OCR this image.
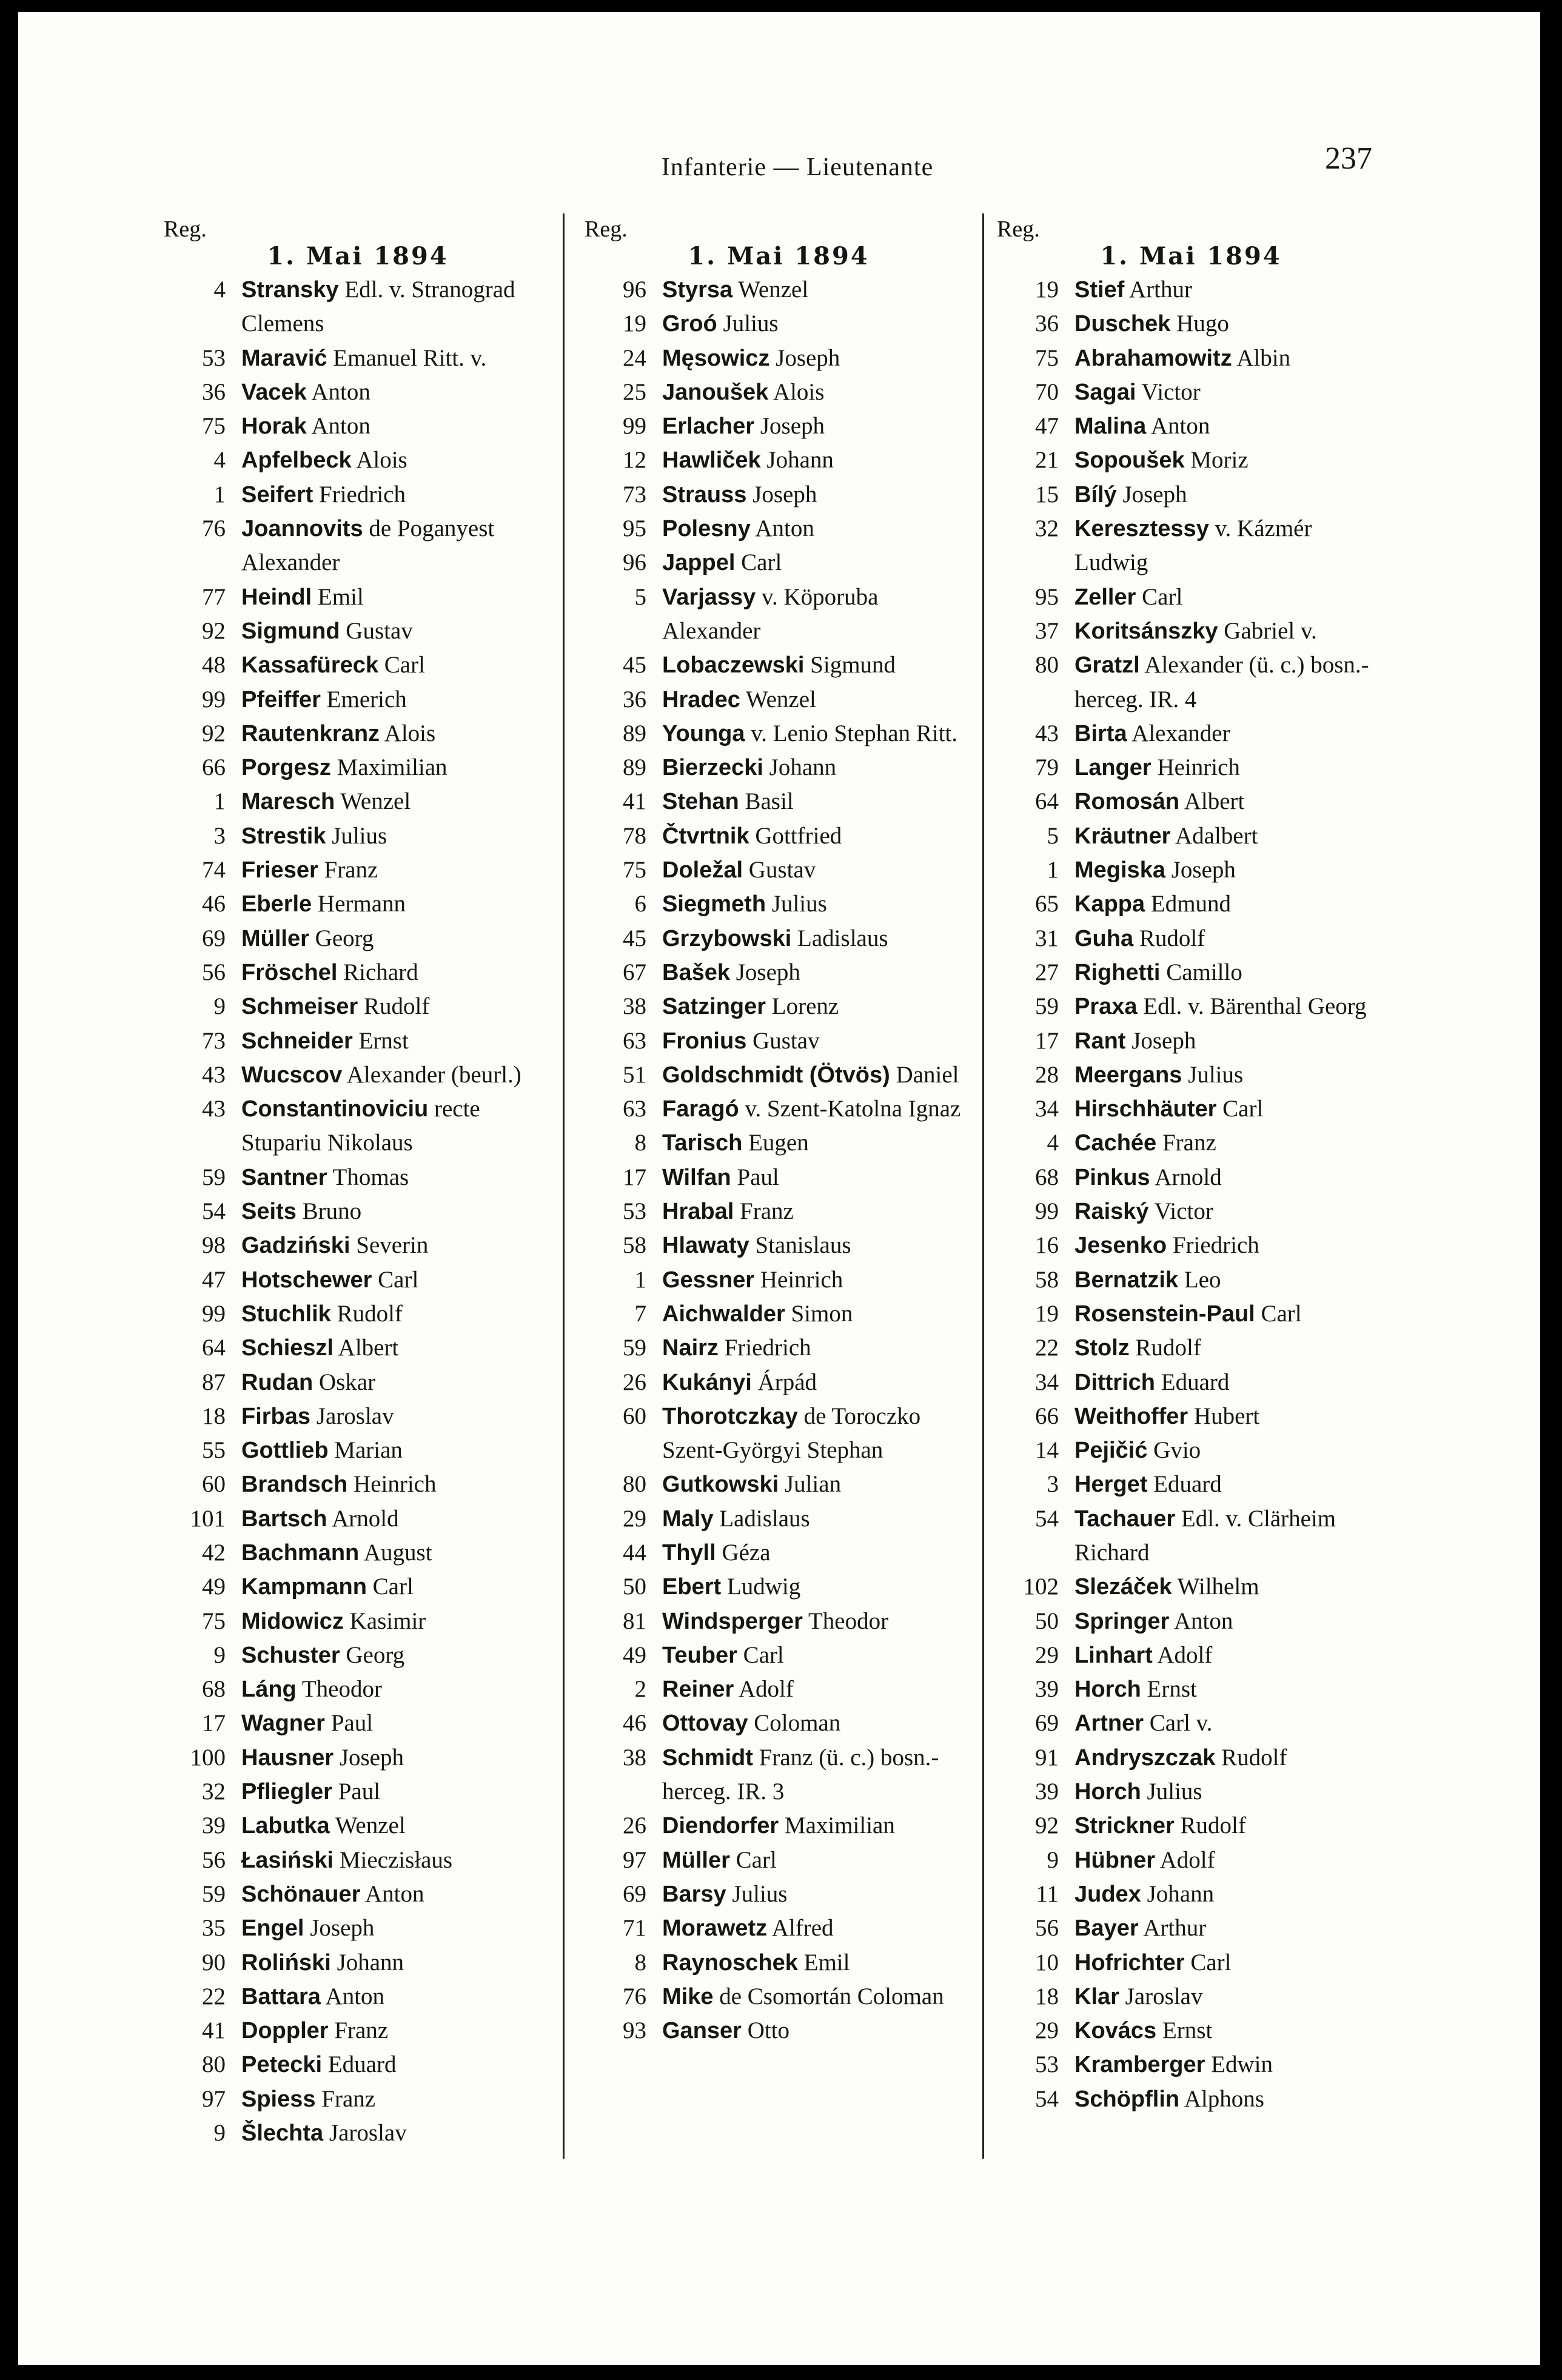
Infanterie — Lieutenante	237
Reg.
1. Mai 1894
4 Stransky Edl. v. Stranograd Clemens
53 Maravić Emanuel Ritt. v.
36 Vacek Anton
75 Horak Anton
4 Apfelbeck Alois
1 Seifert Friedrich
76 Joannovits de Poganyest Alexander
77 Heindl Emil
92 Sigmund Gustav
48 Kassafüreck Carl
99 Pfeiffer Emerich
92 Rautenkranz Alois
66 Porgesz Maximilian
1 Maresch Wenzel
3 Strestik Julius
74 Frieser Franz
46 Eberle Hermann
69 Müller Georg
56 Fröschel Richard
9 Schmeiser Rudolf
73 Schneider Ernst
43 Wucscov Alexander (beurl.)
43 Constantinoviciu recte Stupariu Nikolaus
59 Santner Thomas
54 Seits Bruno
98 Gadziński Severin
47 Hotschewer Carl
99 Stuchlik Rudolf
64 Schieszl Albert
87 Rudan Oskar
18 Firbas Jaroslav
55 Gottlieb Marian
60 Brandsch Heinrich
101 Bartsch Arnold
42 Bachmann August
49 Kampmann Carl
75 Midowicz Kasimir
9 Schuster Georg
68 Láng Theodor
17 Wagner Paul
100 Hausner Joseph
32 Pfliegler Paul
39 Labutka Wenzel
56 Łasiński Mieczisłaus
59 Schönauer Anton
35 Engel Joseph
90 Roliński Johann
22 Battara Anton
41 Doppler Franz
80 Petecki Eduard
97 Spiess Franz
9 Šlechta Jaroslav
Reg.
1. Mai 1894
96 Styrsa Wenzel
19 Groó Julius
24 Męsowicz Joseph
25 Janoušek Alois
99 Erlacher Joseph
12 Hawliček Johann
73 Strauss Joseph
95 Polesny Anton
96 Jappel Carl
5 Varjassy v. Köporuba Alexander
45 Lobaczewski Sigmund
36 Hradec Wenzel
89 Younga v. Lenio Stephan Ritt.
89 Bierzecki Johann
41 Stehan Basil
78 Čtvrtnik Gottfried
75 Doležal Gustav
6 Siegmeth Julius
45 Grzybowski Ladislaus
67 Bašek Joseph
38 Satzinger Lorenz
63 Fronius Gustav
51 Goldschmidt (Ötvös) Daniel
63 Faragó v. Szent-Katolna Ignaz
8 Tarisch Eugen
17 Wilfan Paul
53 Hrabal Franz
58 Hlawaty Stanislaus
1 Gessner Heinrich
7 Aichwalder Simon
59 Nairz Friedrich
26 Kukányi Árpád
60 Thorotczkay de Toroczko Szent-Györgyi Stephan
80 Gutkowski Julian
29 Maly Ladislaus
44 Thyll Géza
50 Ebert Ludwig
81 Windsperger Theodor
49 Teuber Carl
2 Reiner Adolf
46 Ottovay Coloman
38 Schmidt Franz (ü. c.) bosn.-herceg. IR. 3
26 Diendorfer Maximilian
97 Müller Carl
69 Barsy Julius
71 Morawetz Alfred
8 Raynoschek Emil
76 Mike de Csomortán Coloman
93 Ganser Otto
Reg.
1. Mai 1894
19 Stief Arthur
36 Duschek Hugo
75 Abrahamowitz Albin
70 Sagai Victor
47 Malina Anton
21 Sopoušek Moriz
15 Bílý Joseph
32 Keresztessy v. Kázmér Ludwig
95 Zeller Carl
37 Koritsánszky Gabriel v.
80 Gratzl Alexander (ü. c.) bosn.-herceg. IR. 4
43 Birta Alexander
79 Langer Heinrich
64 Romosán Albert
5 Kräutner Adalbert
1 Megiska Joseph
65 Kappa Edmund
31 Guha Rudolf
27 Righetti Camillo
59 Praxa Edl. v. Bärenthal Georg
17 Rant Joseph
28 Meergans Julius
34 Hirschhäuter Carl
4 Cachée Franz
68 Pinkus Arnold
99 Raiský Victor
16 Jesenko Friedrich
58 Bernatzik Leo
19 Rosenstein-Paul Carl
22 Stolz Rudolf
34 Dittrich Eduard
66 Weithoffer Hubert
14 Pejičić Gvio
3 Herget Eduard
54 Tachauer Edl. v. Clärheim Richard
102 Slezáček Wilhelm
50 Springer Anton
29 Linhart Adolf
39 Horch Ernst
69 Artner Carl v.
91 Andryszczak Rudolf
39 Horch Julius
92 Strickner Rudolf
9 Hübner Adolf
11 Judex Johann
56 Bayer Arthur
10 Hofrichter Carl
18 Klar Jaroslav
29 Kovács Ernst
53 Kramberger Edwin
54 Schöpflin Alphons
